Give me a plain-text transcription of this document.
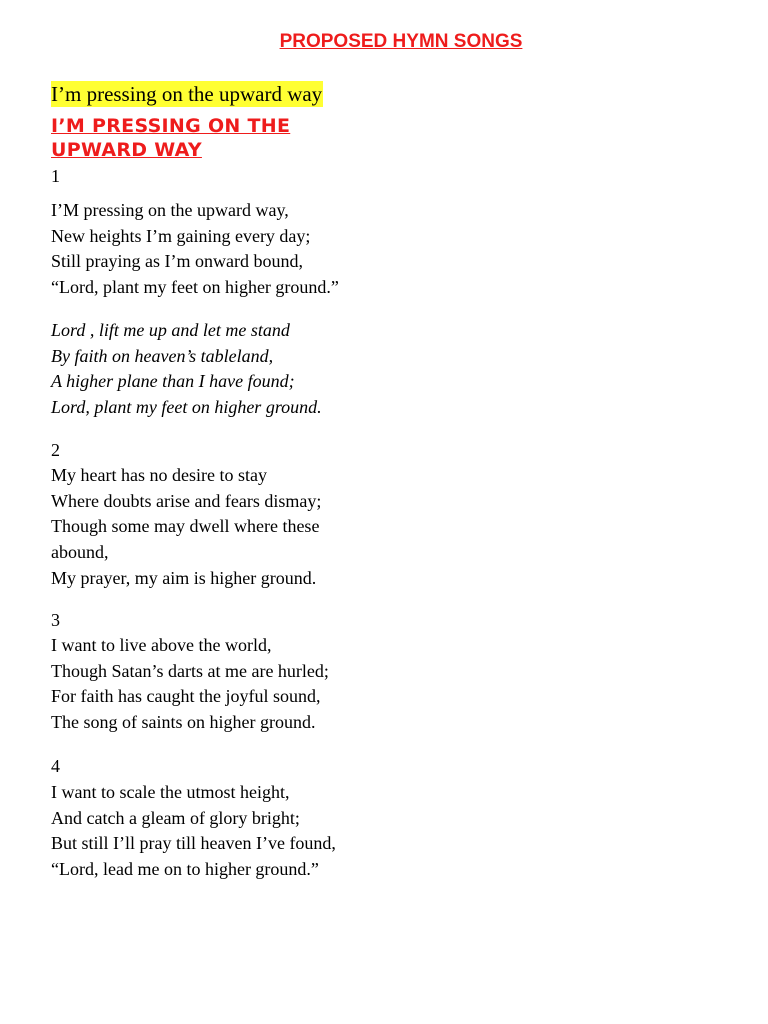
PROPOSED HYMN SONGS
I’m pressing on the upward way
I’M PRESSING ON THE UPWARD WAY
1
I’M pressing on the upward way,
New heights I’m gaining every day;
Still praying as I’m onward bound,
“Lord, plant my feet on higher ground.”
Lord , lift me up and let me stand
By faith on heaven’s tableland,
A higher plane than I have found;
Lord, plant my feet on higher ground.
2
My heart has no desire to stay
Where doubts arise and fears dismay;
Though some may dwell where these abound,
My prayer, my aim is higher ground.
3
I want to live above the world,
Though Satan’s darts at me are hurled;
For faith has caught the joyful sound,
The song of saints on higher ground.
4
I want to scale the utmost height,
And catch a gleam of glory bright;
But still I’ll pray till heaven I’ve found,
“Lord, lead me on to higher ground.”
